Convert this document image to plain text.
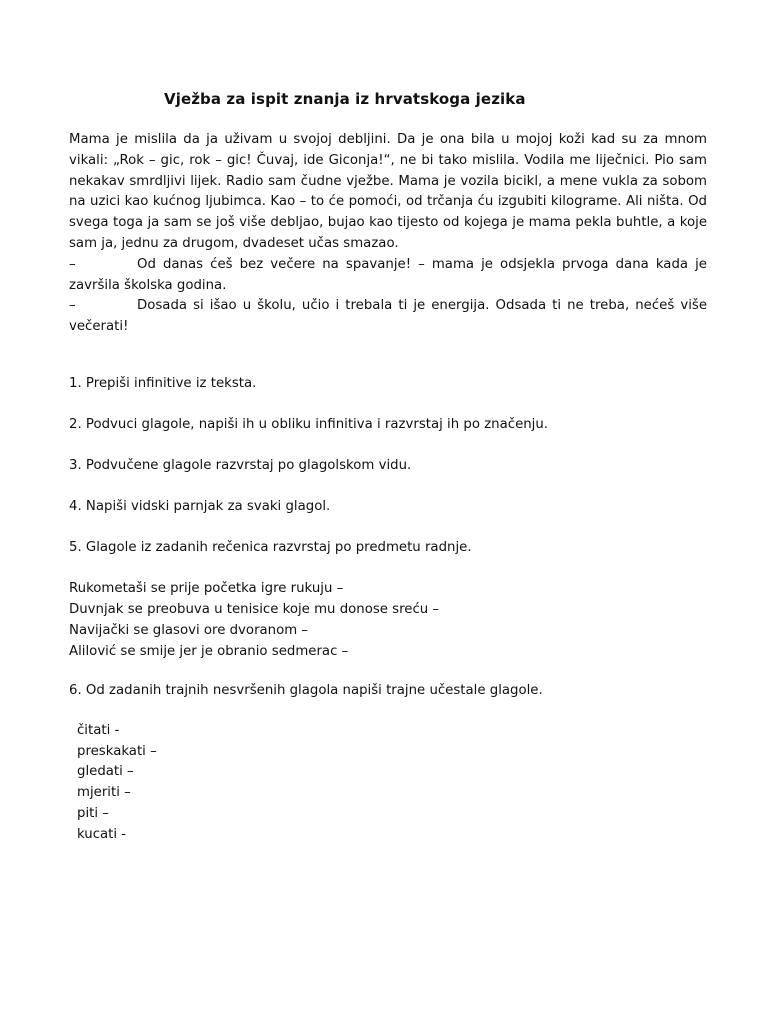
Vježba za ispit znanja iz hrvatskoga jezika

Mama je mislila da ja uživam u svojoj debljini. Da je ona bila u mojoj koži kad su za mnom vikali: „Rok – gic, rok – gic! Čuvaj, ide Giconja!“, ne bi tako mislila. Vodila me liječnici. Pio sam nekakav smrdljivi lijek. Radio sam čudne vježbe. Mama je vozila bicikl, a mene vukla za sobom na uzici kao kućnog ljubimca. Kao – to će pomoći, od trčanja ću izgubiti kilograme. Ali ništa. Od svega toga ja sam se još više debljao, bujao kao tijesto od kojega je mama pekla buhtle, a koje sam ja, jednu za drugom, dvadeset učas smazao.

–	Od danas ćeš bez večere na spavanje! – mama je odsjekla prvoga dana kada je završila školska godina.

–	Dosada si išao u školu, učio i trebala ti je energija. Odsada ti ne treba, nećeš više večerati!

1. Prepiši infinitive iz teksta.
2. Podvuci glagole, napiši ih u obliku infinitiva i razvrstaj ih po značenju.
3. Podvučene glagole razvrstaj po glagolskom vidu.
4. Napiši vidski parnjak za svaki glagol.
5. Glagole iz zadanih rečenica razvrstaj po predmetu radnje.
Rukometaši se prije početka igre rukuju –
Duvnjak se preobuva u tenisice koje mu donose sreću –
Navijački se glasovi ore dvoranom –
Alilović se smije jer je obranio sedmerac –
6. Od zadanih trajnih nesvršenih glagola napiši trajne učestale glagole.
čitati -
preskakati –
gledati –
mjeriti –
piti –
kucati -
